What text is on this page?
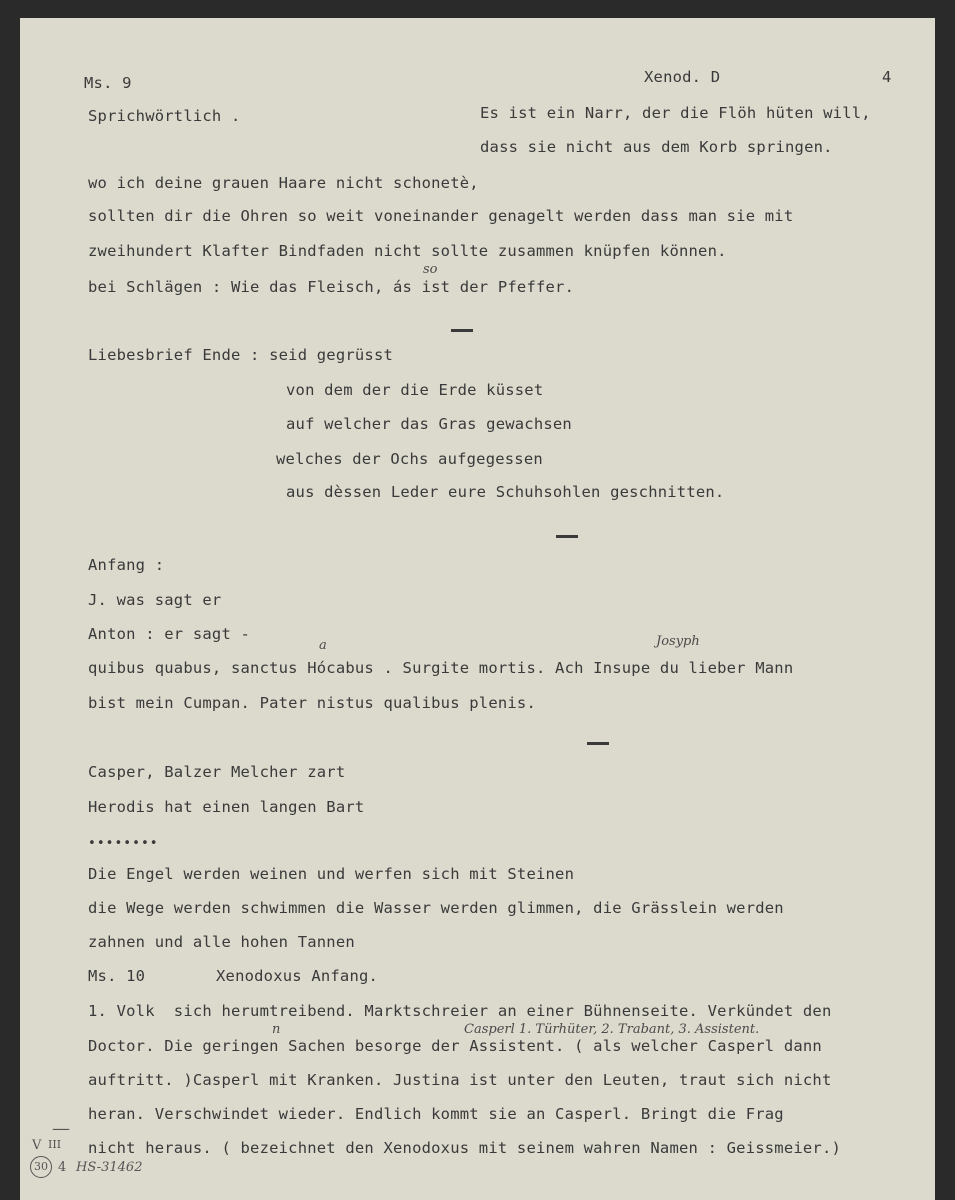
Ms. 9	Xenod. D	4
Sprichwörtlich .	Es ist ein Narr, der die Flöh hüten will,
dass sie nicht aus dem Korb springen.
wo ich deine grauen Haare nicht schonetè,
sollten dir die Ohren so weit voneinander genagelt werden dass man sie mit
zweihundert Klafter Bindfaden nicht sollte zusammen knüpfen können.
so
bei Schlägen : Wie das Fleisch, ás ist der Pfeffer.
Liebesbrief Ende : seid gegrüsst
von dem der die Erde küsset
auf welcher das Gras gewachsen
welches der Ochs aufgegessen
aus dèssen Leder eure Schuhsohlen geschnitten.
Anfang :
J. was sagt er
Anton : er sagt -
a	Josyph
quibus quabus, sanctus Hócabus . Surgite mortis. Ach Insupe du lieber Mann
bist mein Cumpan. Pater nistus qualibus plenis.
Casper, Balzer Melcher zart
Herodis hat einen langen Bart
••••••••
Die Engel werden weinen und werfen sich mit Steinen
die Wege werden schwimmen die Wasser werden glimmen, die Grässlein werden
zahnen und alle hohen Tannen
Ms. 10	Xenodoxus Anfang.
1. Volk  sich herumtreibend. Marktschreier an einer Bühnenseite. Verkündet den
n	Casperl 1. Türhüter, 2. Trabant, 3. Assistent.
Doctor. Die geringen Sachen besorge der Assistent. ( als welcher Casperl dann
auftritt. )Casperl mit Kranken. Justina ist unter den Leuten, traut sich nicht
heran. Verschwindet wieder. Endlich kommt sie an Casperl. Bringt die Frag
nicht heraus. ( bezeichnet den Xenodoxus mit seinem wahren Namen : Geissmeier.)
V III
—
30 4 HS-31462
